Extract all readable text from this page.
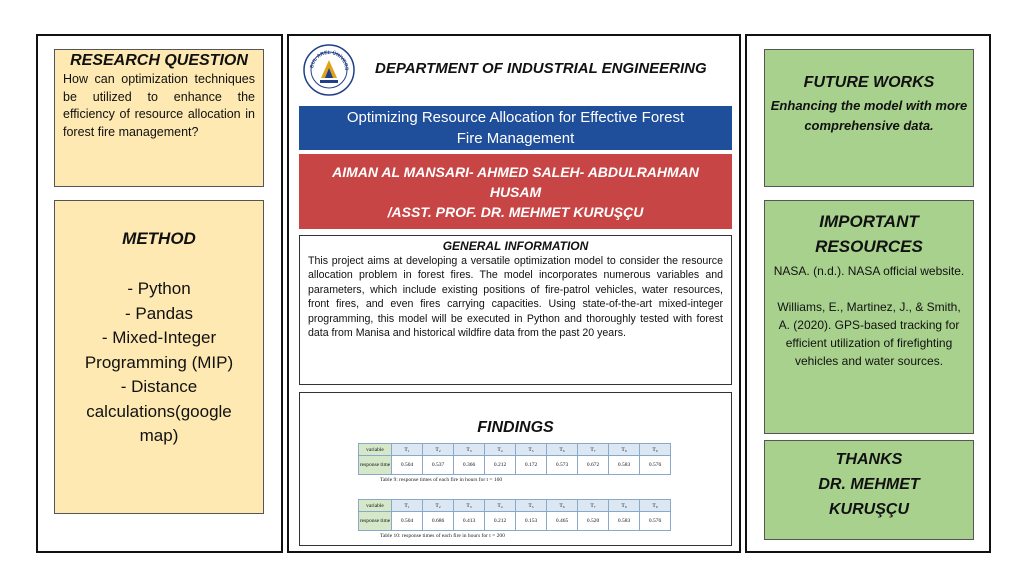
RESEARCH QUESTION
How can optimization techniques be utilized to enhance the efficiency of resource allocation in forest fire management?
METHOD
- Python
- Pandas
- Mixed-Integer
Programming (MIP)
- Distance
calculations(google
map)
BUL AREL ÜNİVERS DEPARTMENT OF INDUSTRIAL ENGINEERING
Optimizing Resource Allocation for Effective Forest
Fire Management
AIMAN AL MANSARI- AHMED SALEH- ABDULRAHMAN
HUSAM
/ASST. PROF. DR. MEHMET KURUŞÇU
GENERAL INFORMATION
This project aims at developing a versatile optimization model to consider the resource allocation problem in forest fires. The model incorporates numerous variables and parameters, which include existing positions of fire-patrol vehicles, water resources, front fires, and even fires carrying capacities. Using state-of-the-art mixed-integer programming, this model will be executed in Python and thoroughly tested with forest data from Manisa and historical wildfire data from the past 20 years.
FINDINGS
variable	T₁	T₂	T₃	T₄	T₅	T₆	T₇	T₈	T₉
response time	0.504	0.537	0.366	0.212	0.172	0.573	0.672	0.583	0.576
Table 9: response times of each fire in hours for t = 160
variable	T₁	T₂	T₃	T₄	T₅	T₆	T₇	T₈	T₉
response time	0.504	0.686	0.413	0.212	0.153	0.465	0.520	0.583	0.576
Table 10: response times of each fire in hours for t = 200
FUTURE WORKS
Enhancing the model with more comprehensive data.
IMPORTANT
RESOURCES
NASA. (n.d.). NASA official website.
Williams, E., Martinez, J., & Smith, A. (2020). GPS-based tracking for efficient utilization of firefighting vehicles and water sources.
THANKS
DR. MEHMET
KURUŞÇU
